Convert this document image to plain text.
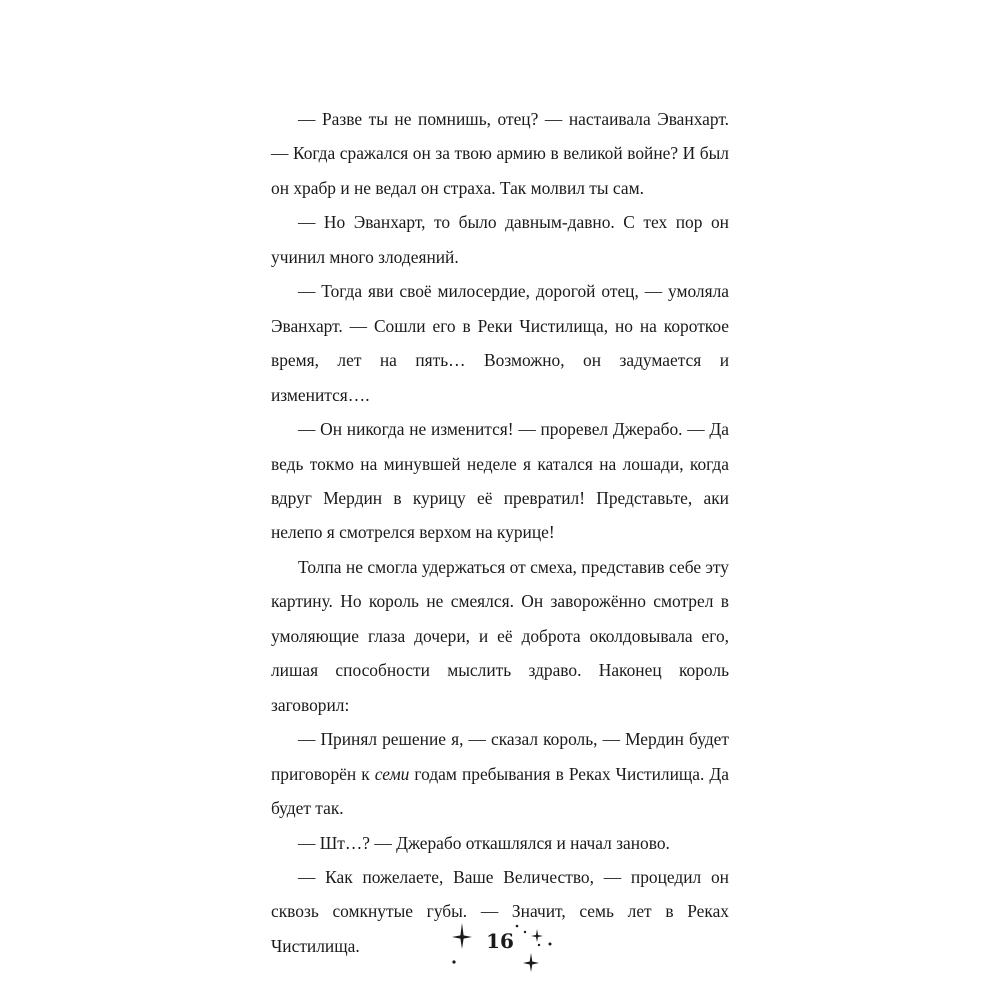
— Разве ты не помнишь, отец? — настаивала Эванхарт. — Когда сражался он за твою армию в великой войне? И был он храбр и не ведал он страха. Так молвил ты сам.

— Но Эванхарт, то было давным-давно. С тех пор он учинил много злодеяний.

— Тогда яви своё милосердие, дорогой отец, — умоляла Эванхарт. — Сошли его в Реки Чистилища, но на короткое время, лет на пять… Возможно, он задумается и изменится….

— Он никогда не изменится! — проревел Джерабо. — Да ведь токмо на минувшей неделе я катался на лошади, когда вдруг Мердин в курицу её превратил! Представьте, аки нелепо я смотрелся верхом на курице!

Толпа не смогла удержаться от смеха, представив себе эту картину. Но король не смеялся. Он заворожённо смотрел в умоляющие глаза дочери, и её доброта околдовывала его, лишая способности мыслить здраво. Наконец король заговорил:

— Принял решение я, — сказал король, — Мердин будет приговорён к семи годам пребывания в Реках Чистилища. Да будет так.

— Шт…? — Джерабо откашлялся и начал заново.

— Как пожелаете, Ваше Величество, — процедил он сквозь сомкнутые губы. — Значит, семь лет в Реках Чистилища.	16
